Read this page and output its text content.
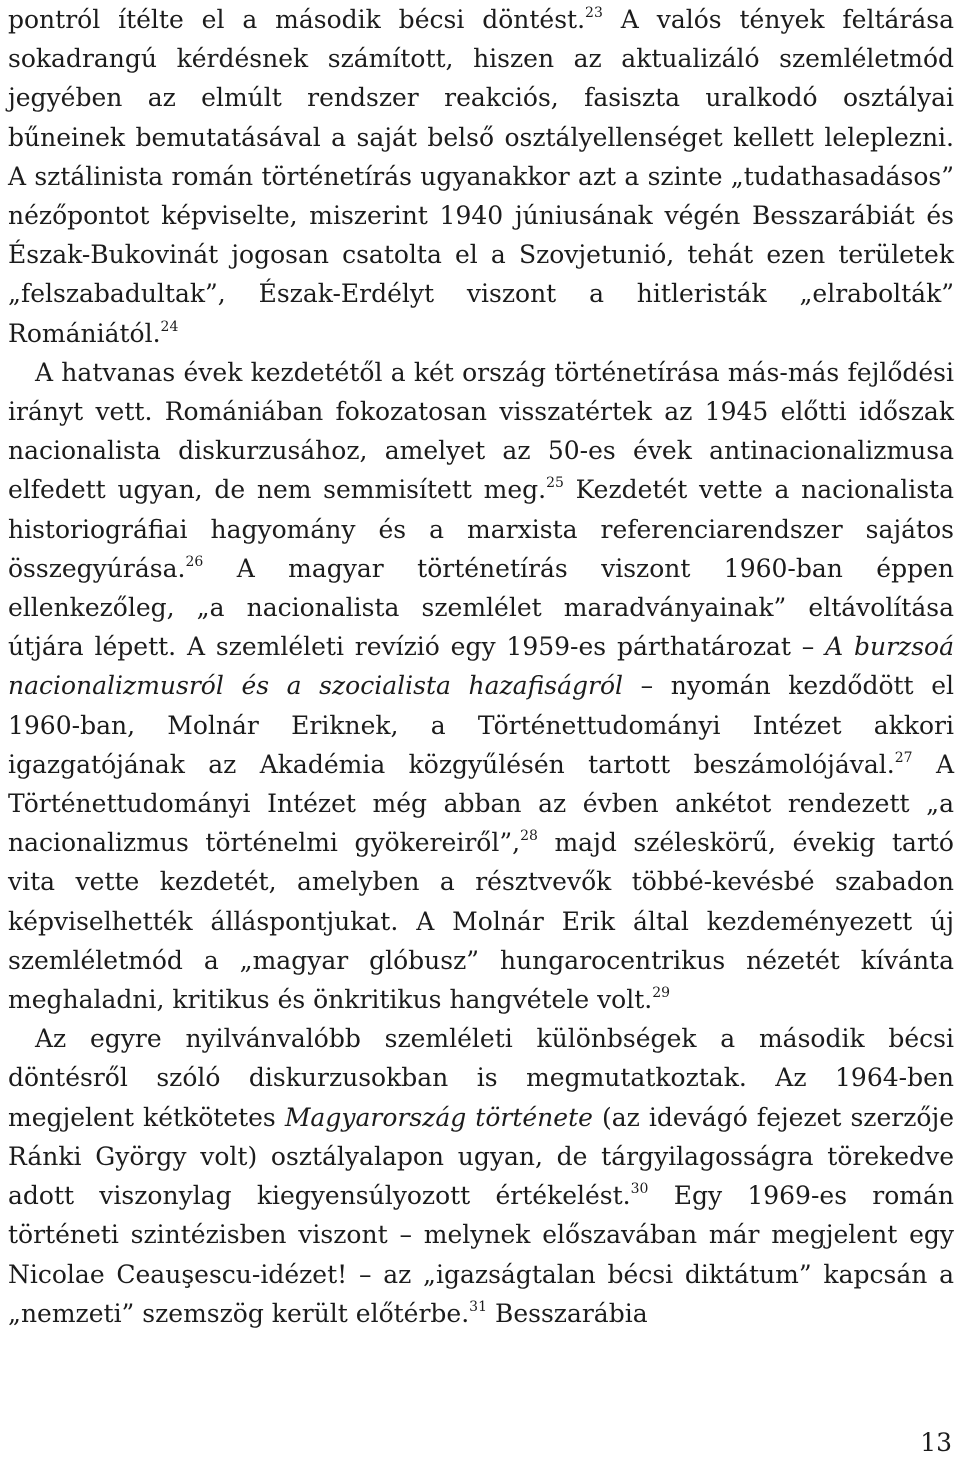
pontról ítélte el a második bécsi döntést.$^{23}$ A valós tények feltárása sokadrangú kérdésnek számított, hiszen az aktualizáló szemléletmód jegyében az elmúlt rendszer reakciós, fasiszta uralkodó osztályai bűneinek bemutatásával a saját belső osztályellenséget kellett leleplezni. A sztálinista román történetírás ugyanakkor azt a szinte „tudathasadásos” nézőpontot képviselte, miszerint 1940 júniusának végén Besszarábiát és Észak-Bukovinát jogosan csatolta el a Szovjetunió, tehát ezen területek „felszabadultak”, Észak-Erdélyt viszont a hitleristák „elrabolták” Romániától.$^{24}$

A hatvanas évek kezdetétől a két ország történetírása más-más fejlődési irányt vett. Romániában fokozatosan visszatértek az 1945 előtti időszak nacionalista diskurzusához, amelyet az 50-es évek antinacionalizmusa elfedett ugyan, de nem semmisített meg.$^{25}$ Kezdetét vette a nacionalista historiográfiai hagyomány és a marxista referenciarendszer sajátos összegyúrása.$^{26}$ A magyar történetírás viszont 1960-ban éppen ellenkezőleg, „a nacionalista szemlélet maradványainak” eltávolítása útjára lépett. A szemléleti revízió egy 1959-es párthatározat – A burzsoá nacionalizmusról és a szocialista hazafiságról – nyomán kezdődött el 1960-ban, Molnár Eriknek, a Történettudományi Intézet akkori igazgatójának az Akadémia közgyűlésén tartott beszámolójával.$^{27}$ A Történettudományi Intézet még abban az évben ankétot rendezett „a nacionalizmus történelmi gyökereiről”,$^{28}$ majd széleskörű, évekig tartó vita vette kezdetét, amelyben a résztvevők többé-kevésbé szabadon képviselhették álláspontjukat. A Molnár Erik által kezdeményezett új szemléletmód a „magyar glóbusz” hungarocentrikus nézetét kívánta meghaladni, kritikus és önkritikus hangvétele volt.$^{29}$

Az egyre nyilvánvalóbb szemléleti különbségek a második bécsi döntésről szóló diskurzusokban is megmutatkoztak. Az 1964-ben megjelent kétkötetes Magyarország története (az idevágó fejezet szerzője Ránki György volt) osztályalapon ugyan, de tárgyilagosságra törekedve adott viszonylag kiegyensúlyozott értékelést.$^{30}$ Egy 1969-es román történeti szintézisben viszont – melynek előszavában már megjelent egy Nicolae Ceauşescu-idézet! – az „igazságtalan bécsi diktátum” kapcsán a „nemzeti” szemszög került előtérbe.$^{31}$ Besszarábia

13
